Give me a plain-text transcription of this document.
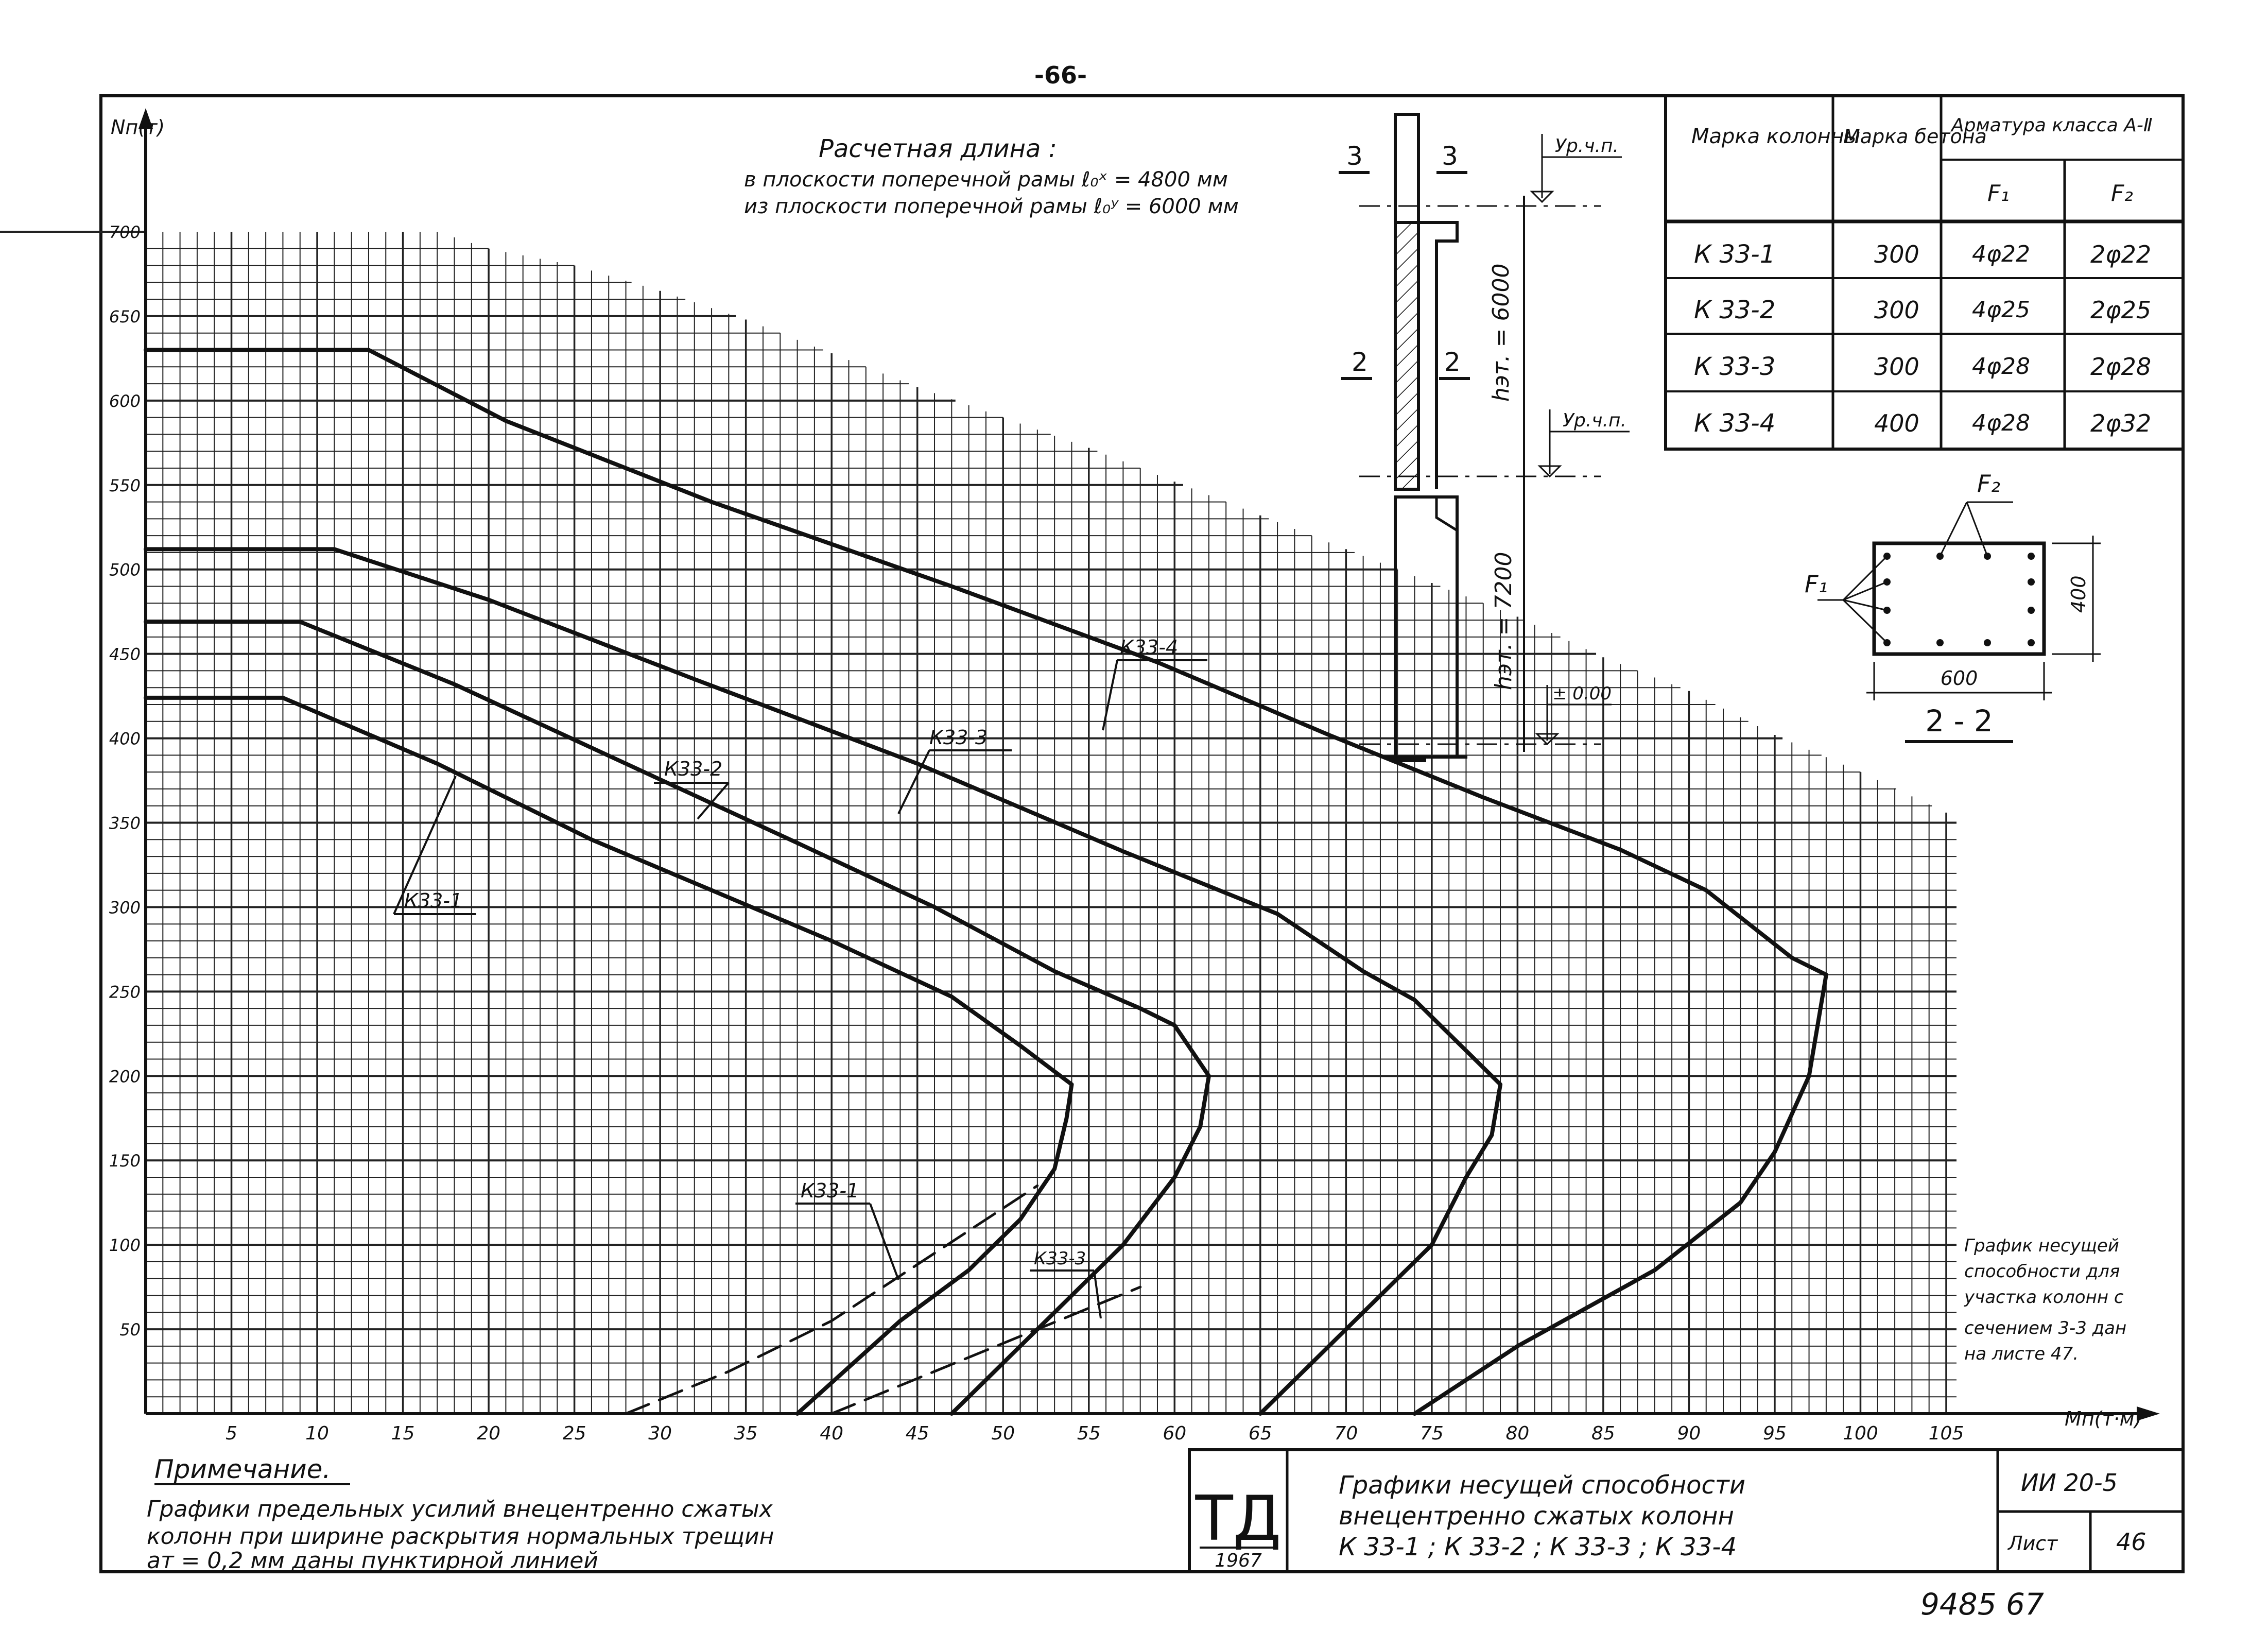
-66-
5	10	15	20	25	30	35	40	45	50	55	60	65	70	75	80	85	90	95	100	105
50
100
150
200
250
300
350
400
450
500
550
600
650
700
Nп(т)
Mп(т·м)
К33-4
К33-3
К33-2
К33-1
К33-1
К33-3
Расчетная длина :
в плоскости поперечной рамы ℓ₀ˣ = 4800 мм
из плоскости поперечной рамы ℓ₀ʸ = 6000 мм
3	3
2	2 hэт. = 6000
hэт. = 7200
Ур.ч.п.
Ур.ч.п.
± 0.00
Марка колонны
Марка бетона
Арматура класса А-Ⅱ
F₁	F₂
К 33-1	300 4φ22	2φ22
К 33-2	300 4φ25	2φ25
К 33-3	300 4φ28	2φ28
К 33-4	400 4φ28	2φ32
F₁
F₂
600
400
2 - 2
График несущей
способности для
участка колонн с
сечением 3-3 дан
на листе 47.
Примечание.
Графики предельных усилий внецентренно сжатых
колонн при ширине раскрытия нормальных трещин
aт = 0,2 мм даны пунктирной линией
ТД
1967
Графики несущей способности
внецентренно сжатых колонн
К 33-1 ; К 33-2 ; К 33-3 ; К 33-4
ИИ 20-5
Лист 46
9485 67
